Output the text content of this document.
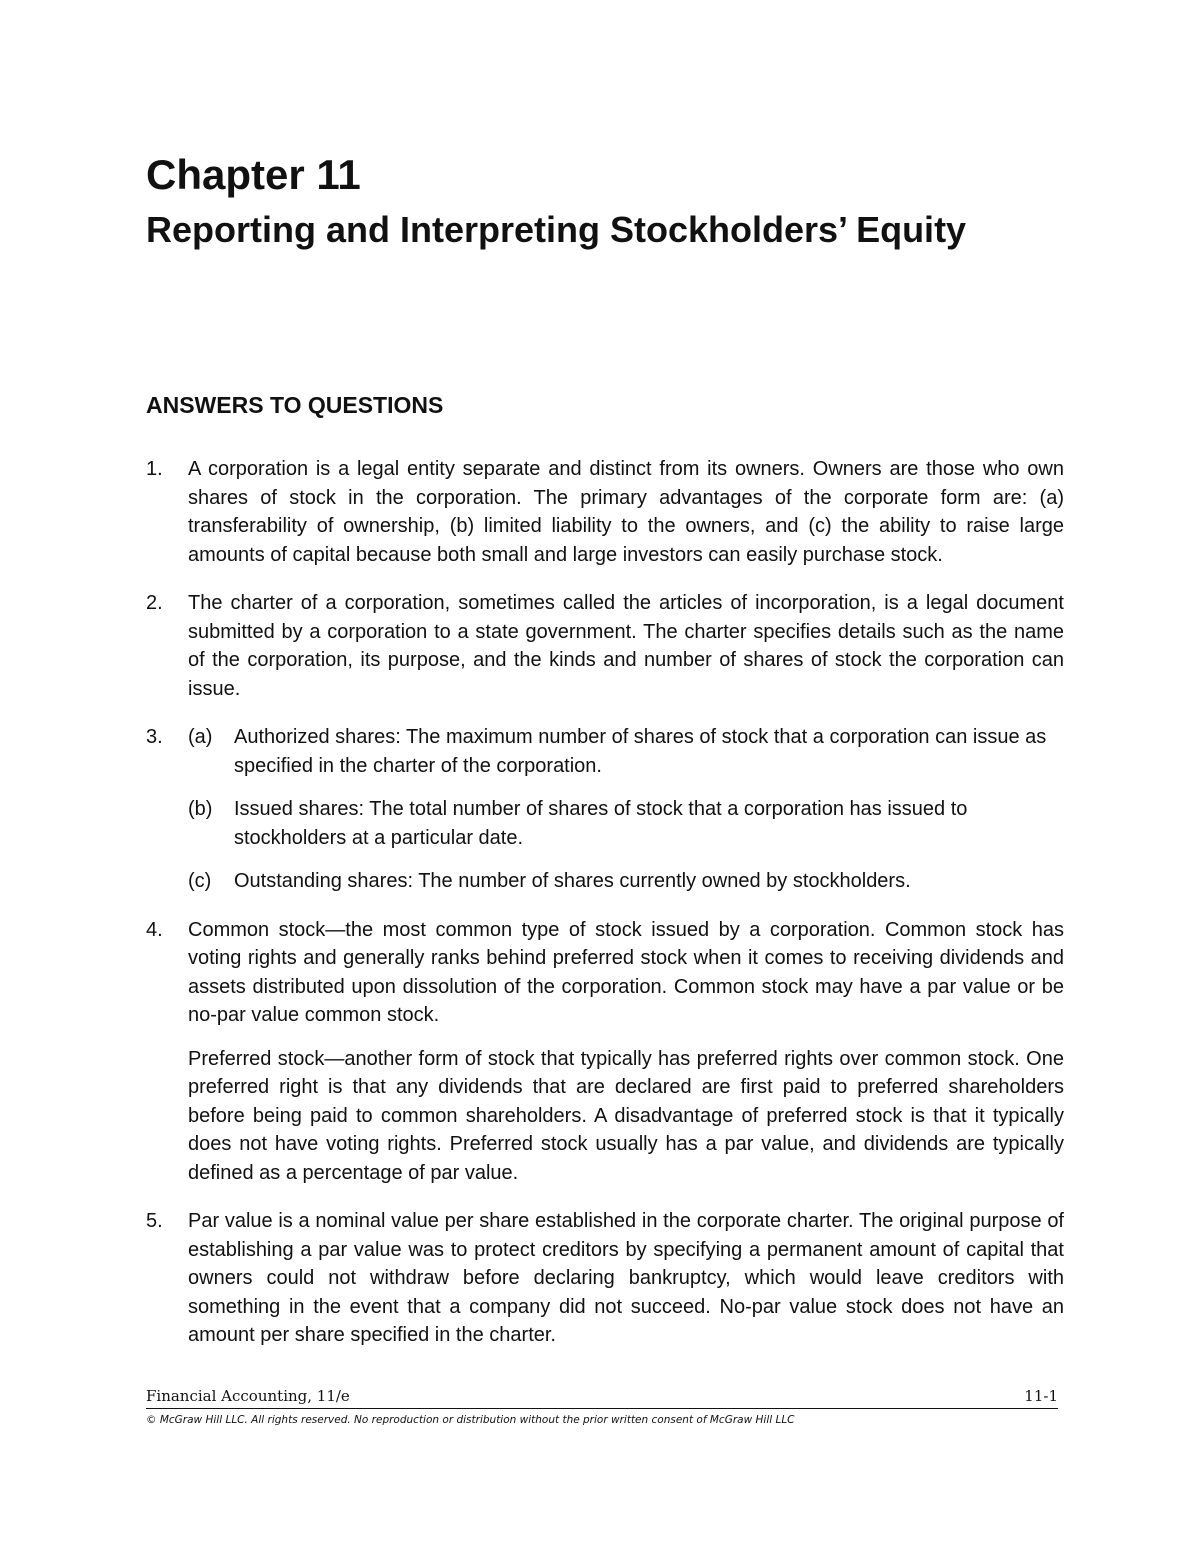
Chapter 11
Reporting and Interpreting Stockholders’ Equity
ANSWERS TO QUESTIONS
1.	A corporation is a legal entity separate and distinct from its owners. Owners are those who own shares of stock in the corporation. The primary advantages of the corporate form are: (a) transferability of ownership, (b) limited liability to the owners, and (c) the ability to raise large amounts of capital because both small and large investors can easily purchase stock.

2.	The charter of a corporation, sometimes called the articles of incorporation, is a legal document submitted by a corporation to a state government. The charter specifies details such as the name of the corporation, its purpose, and the kinds and number of shares of stock the corporation can issue.

3.	(a) Authorized shares: The maximum number of shares of stock that a corporation can issue as specified in the charter of the corporation.

(b) Issued shares: The total number of shares of stock that a corporation has issued to stockholders at a particular date.

(c) Outstanding shares: The number of shares currently owned by stockholders.

4.	Common stock—the most common type of stock issued by a corporation. Common stock has voting rights and generally ranks behind preferred stock when it comes to receiving dividends and assets distributed upon dissolution of the corporation. Common stock may have a par value or be no-par value common stock.

Preferred stock—another form of stock that typically has preferred rights over common stock. One preferred right is that any dividends that are declared are first paid to preferred shareholders before being paid to common shareholders. A disadvantage of preferred stock is that it typically does not have voting rights. Preferred stock usually has a par value, and dividends are typically defined as a percentage of par value.

5.	Par value is a nominal value per share established in the corporate charter. The original purpose of establishing a par value was to protect creditors by specifying a permanent amount of capital that owners could not withdraw before declaring bankruptcy, which would leave creditors with something in the event that a company did not succeed. No-par value stock does not have an amount per share specified in the charter.

Financial Accounting, 11/e	11-1
© McGraw Hill LLC. All rights reserved. No reproduction or distribution without the prior written consent of McGraw Hill LLC
